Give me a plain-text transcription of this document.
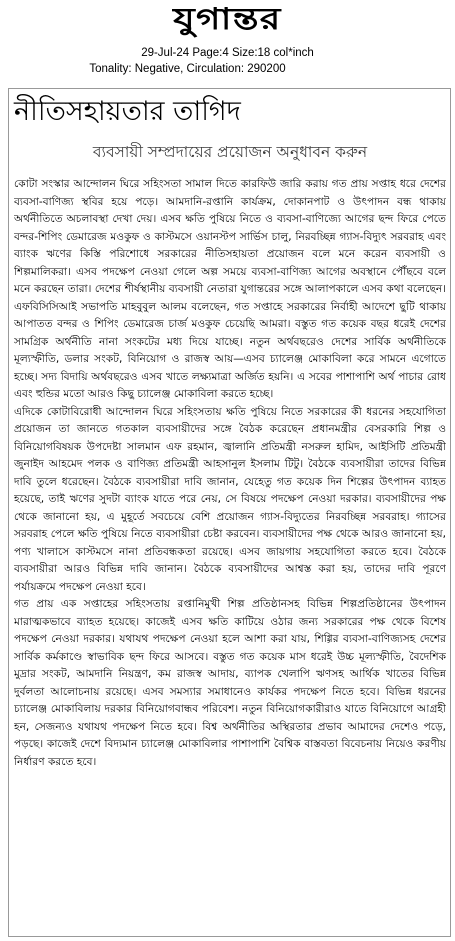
যুগান্তর
29-Jul-24 Page:4 Size:18 col*inch
Tonality: Negative, Circulation: 290200
নীতিসহায়তার তাগিদ
ব্যবসায়ী সম্প্রদায়ের প্রয়োজন অনুধাবন করুন

কোটা সংস্কার আন্দোলন ঘিরে সহিংসতা সামাল দিতে কারফিউ জারি করায় গত প্রায় সপ্তাহ ধরে দেশের ব্যবসা-বাণিজ্য স্থবির হয়ে পড়ে। আমদানি-রপ্তানি কার্যক্রম, দোকানপাট ও উৎপাদন বন্ধ থাকায় অর্থনীতিতে অচলাবস্থা দেখা দেয়। এসব ক্ষতি পুষিয়ে নিতে ও ব্যবসা-বাণিজ্যে আগের ছন্দ ফিরে পেতে বন্দর-শিপিং ডেমারেজ মওকুফ ও কাস্টমসে ওয়ানস্টপ সার্ভিস চালু, নিরবচ্ছিন্ন গ্যাস-বিদ্যুৎ সরবরাহ এবং ব্যাংক ঋণের কিস্তি পরিশোধে সরকারের নীতিসহায়তা প্রয়োজন বলে মনে করেন ব্যবসায়ী ও শিল্পমালিকরা। এসব পদক্ষেপ নেওয়া গেলে অল্প সময়ে ব্যবসা-বাণিজ্য আগের অবস্থানে পৌঁছবে বলে মনে করছেন তারা। দেশের শীর্ষস্থানীয় ব্যবসায়ী নেতারা যুগান্তরের সঙ্গে আলাপকালে এসব কথা বলেছেন। এফবিসিসিআই সভাপতি মাহবুবুল আলম বলেছেন, গত সপ্তাহে সরকারের নির্বাহী আদেশে ছুটি থাকায় আপাতত বন্দর ও শিপিং ডেমারেজ চার্জ মওকুফ চেয়েছি আমরা। বস্তুত গত কয়েক বছর ধরেই দেশের সামগ্রিক অর্থনীতি নানা সংকটের মধ্য দিয়ে যাচ্ছে। নতুন অর্থবছরেও দেশের সার্বিক অর্থনীতিকে মূল্যস্ফীতি, ডলার সংকট, বিনিয়োগ ও রাজস্ব আয়—এসব চ্যালেঞ্জ মোকাবিলা করে সামনে এগোতে হচ্ছে। সদ্য বিদায়ি অর্থবছরেও এসব খাতে লক্ষ্যমাত্রা অর্জিত হয়নি। এ সবের পাশাপাশি অর্থ পাচার রোধ এবং হুন্ডির মতো আরও কিছু চ্যালেঞ্জ মোকাবিলা করতে হচ্ছে।

এদিকে কোটাবিরোধী আন্দোলন ঘিরে সহিংসতায় ক্ষতি পুষিয়ে নিতে সরকারের কী ধরনের সহযোগিতা প্রয়োজন তা জানতে গতকাল ব্যবসায়ীদের সঙ্গে বৈঠক করেছেন প্রধানমন্ত্রীর বেসরকারি শিল্প ও বিনিয়োগবিষয়ক উপদেষ্টা সালমান এফ রহমান, জ্বালানি প্রতিমন্ত্রী নসরুল হামিদ, আইসিটি প্রতিমন্ত্রী জুনাইদ আহমেদ পলক ও বাণিজ্য প্রতিমন্ত্রী আহসানুল ইসলাম টিটু। বৈঠকে ব্যবসায়ীরা তাদের বিভিন্ন দাবি তুলে ধরেছেন। বৈঠকে ব্যবসায়ীরা দাবি জানান, যেহেতু গত কয়েক দিন শিল্পের উৎপাদন ব্যাহত হয়েছে, তাই ঋণের সুদটা ব্যাংক যাতে পরে নেয়, সে বিষয়ে পদক্ষেপ নেওয়া দরকার। ব্যবসায়ীদের পক্ষ থেকে জানানো হয়, এ মুহূর্তে সবচেয়ে বেশি প্রয়োজন গ্যাস-বিদ্যুতের নিরবচ্ছিন্ন সরবরাহ। গ্যাসের সরবরাহ পেলে ক্ষতি পুষিয়ে নিতে ব্যবসায়ীরা চেষ্টা করবেন। ব্যবসায়ীদের পক্ষ থেকে আরও জানানো হয়, পণ্য খালাসে কাস্টমসে নানা প্রতিবন্ধকতা রয়েছে। এসব জায়গায় সহযোগিতা করতে হবে। বৈঠকে ব্যবসায়ীরা আরও বিভিন্ন দাবি জানান। বৈঠকে ব্যবসায়ীদের আশ্বস্ত করা হয়, তাদের দাবি পূরণে পর্যায়ক্রমে পদক্ষেপ নেওয়া হবে।

গত প্রায় এক সপ্তাহের সহিংসতায় রপ্তানিমুখী শিল্প প্রতিষ্ঠানসহ বিভিন্ন শিল্পপ্রতিষ্ঠানের উৎপাদন মারাত্মকভাবে ব্যাহত হয়েছে। কাজেই এসব ক্ষতি কাটিয়ে ওঠার জন্য সরকারের পক্ষ থেকে বিশেষ পদক্ষেপ নেওয়া দরকার। যথাযথ পদক্ষেপ নেওয়া হলে আশা করা যায়, শিগ্গির ব্যবসা-বাণিজ্যসহ দেশের সার্বিক কর্মকাণ্ডে স্বাভাবিক ছন্দ ফিরে আসবে। বস্তুত গত কয়েক মাস ধরেই উচ্চ মূল্যস্ফীতি, বৈদেশিক মুদ্রার সংকট, আমদানি নিয়ন্ত্রণ, কম রাজস্ব আদায়, ব্যাপক খেলাপি ঋণসহ আর্থিক খাতের বিভিন্ন দুর্বলতা আলোচনায় রয়েছে। এসব সমস্যার সমাধানেও কার্যকর পদক্ষেপ নিতে হবে। বিভিন্ন ধরনের চ্যালেঞ্জ মোকাবিলায় দরকার বিনিয়োগবান্ধব পরিবেশ। নতুন বিনিয়োগকারীরাও যাতে বিনিয়োগে আগ্রহী হন, সেজন্যও যথাযথ পদক্ষেপ নিতে হবে। বিশ্ব অর্থনীতির অস্থিরতার প্রভাব আমাদের দেশেও পড়ে, পড়ছে। কাজেই দেশে বিদ্যমান চ্যালেঞ্জ মোকাবিলার পাশাপাশি বৈশ্বিক বাস্তবতা বিবেচনায় নিয়েও করণীয় নির্ধারণ করতে হবে।
